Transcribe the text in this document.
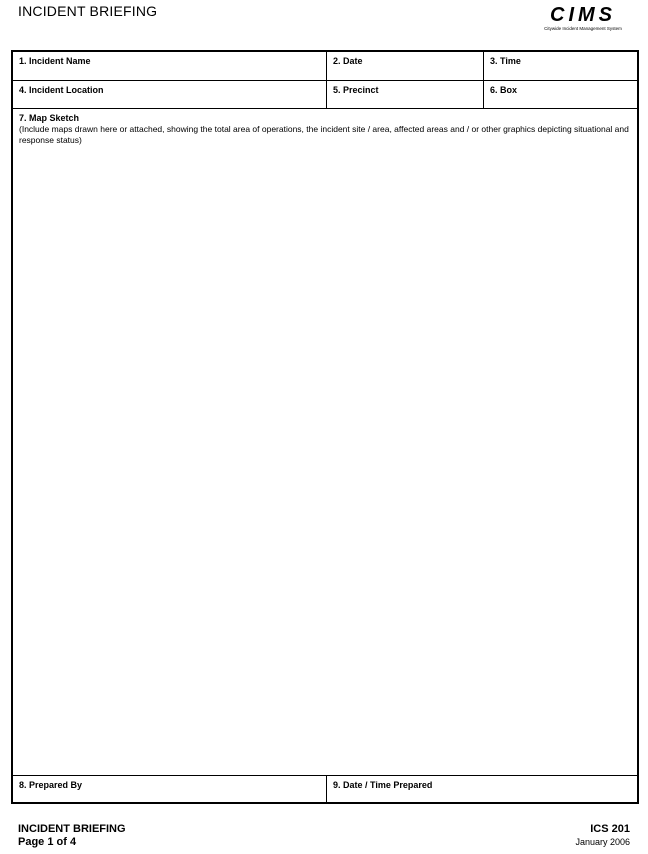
INCIDENT BRIEFING	CIMS
Citywide Incident Management System
1. Incident Name	2. Date	3. Time
4. Incident Location	5. Precinct	6. Box
7. Map Sketch
(Include maps drawn here or attached, showing the total area of operations, the incident site / area, affected areas and / or other graphics depicting situational and response status)
8. Prepared By	9. Date / Time Prepared
INCIDENT BRIEFING
Page 1 of 4
ICS 201
January 2006
